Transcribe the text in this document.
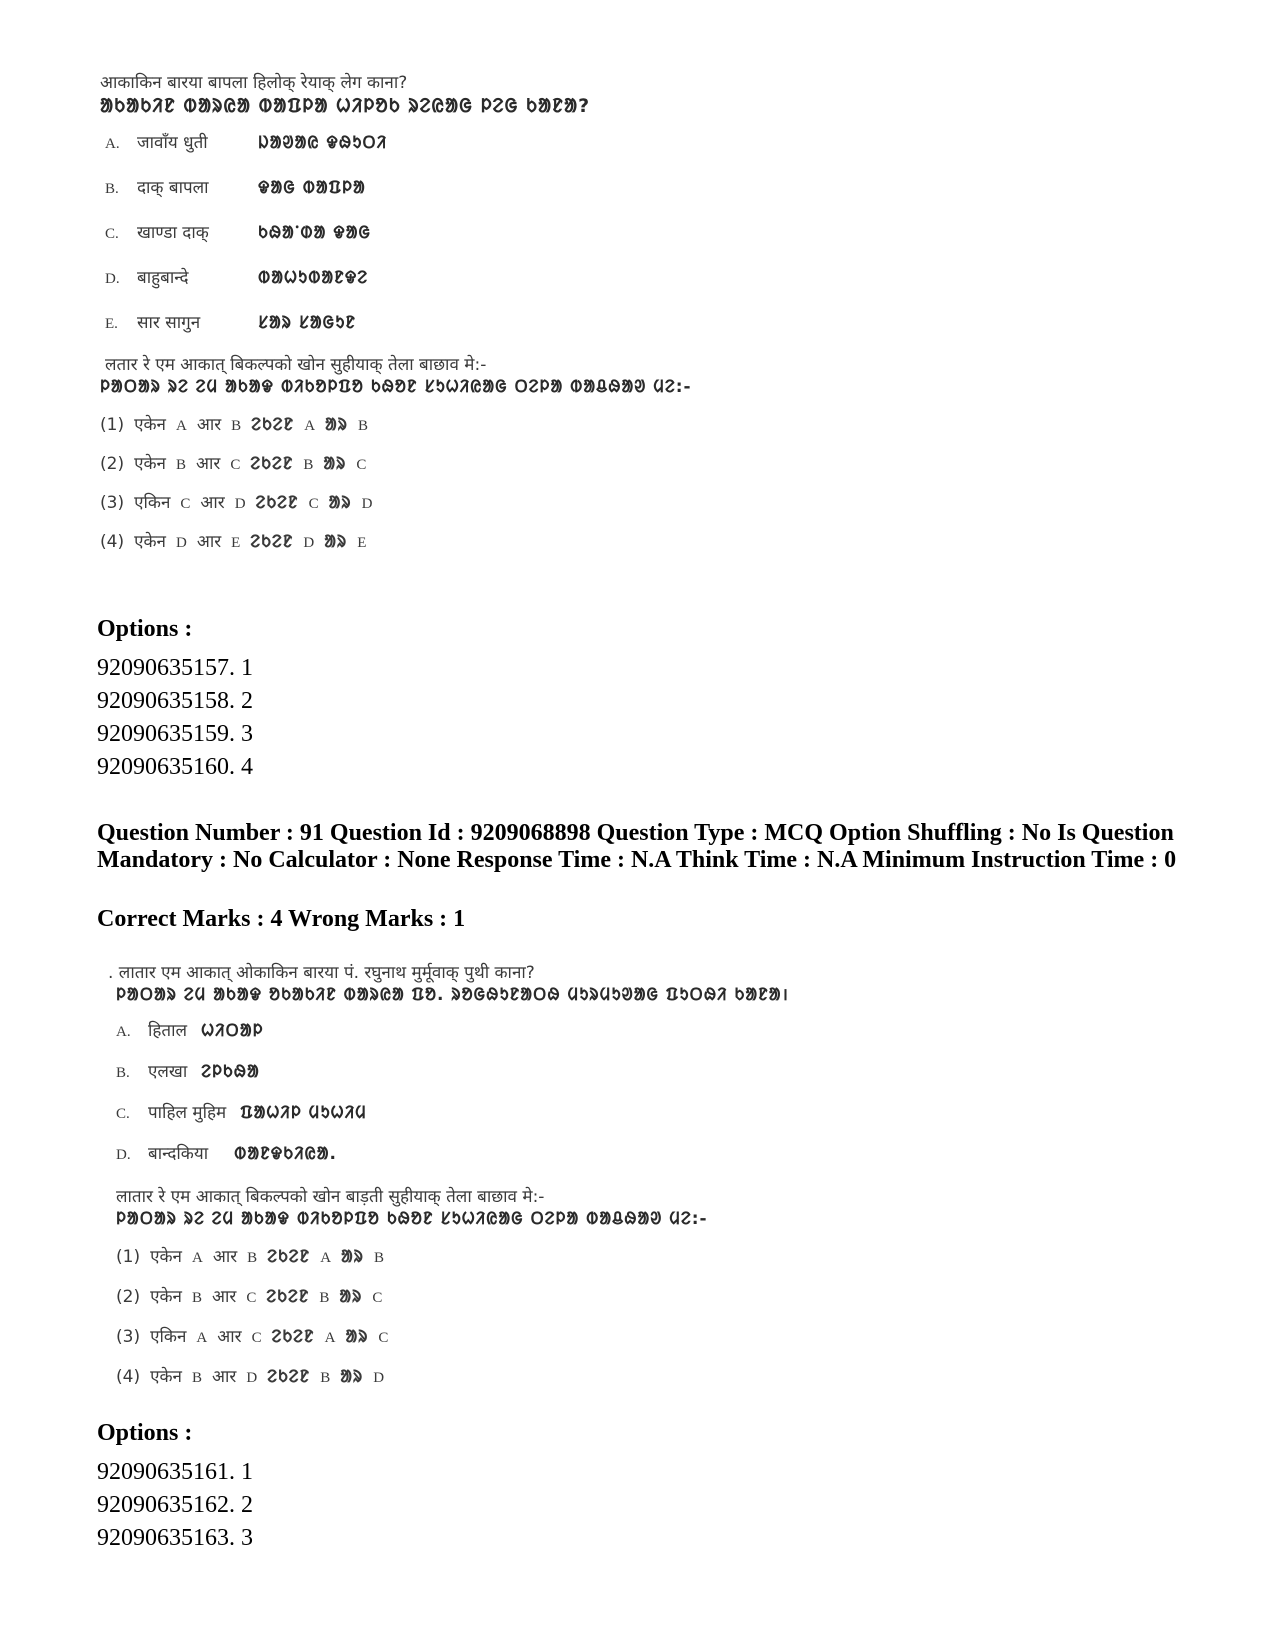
आकाकिन बारया बापला हिलोक् रेयाक् लेग काना?
ᱟᱠᱟᱠᱤᱱ ᱵᱟᱨᱭᱟ ᱵᱟᱯᱞᱟ ᱦᱤᱞᱚᱠ ᱨᱮᱭᱟᱜ ᱞᱮᱜ ᱠᱟᱱᱟ?
A. जावाँय धुती	ᱡᱟᱣᱟᱭ ᱫᱷᱩᱛᱤ
B. दाक् बापला	ᱫᱟᱜ ᱵᱟᱯᱞᱟ
C. खाण्डा दाक्	ᱠᱷᱟᱸᱰᱟ ᱫᱟᱜ
D. बाहुबान्दे	ᱵᱟᱦᱩᱵᱟᱱᱫᱮ
E. सार सागुन	ᱥᱟᱨ ᱥᱟᱜᱩᱱ
लतार रे एम आकात् बिकल्पको खोन सुहीयाक् तेला बाछाव मे:-
ᱞᱟᱛᱟᱨ ᱨᱮ ᱮᱢ ᱟᱠᱟᱫ ᱵᱤᱠᱚᱞᱯᱚ ᱠᱷᱚᱱ ᱥᱩᱦᱤᱭᱟᱜ ᱛᱮᱞᱟ ᱵᱟᱪᱷᱟᱣ ᱢᱮ:-
(1) एकेन A आर B ᱮᱠᱮᱱ A ᱟᱨ B
(2) एकेन B आर C ᱮᱠᱮᱱ B ᱟᱨ C
(3) एकिन C आर D ᱮᱠᱮᱱ C ᱟᱨ D
(4) एकेन D आर E ᱮᱠᱮᱱ D ᱟᱨ E
Options :
92090635157. 1
92090635158. 2
92090635159. 3
92090635160. 4
Question Number : 91 Question Id : 9209068898 Question Type : MCQ Option Shuffling : No Is Question Mandatory : No Calculator : None Response Time : N.A Think Time : N.A Minimum Instruction Time : 0
Correct Marks : 4 Wrong Marks : 1
. लातार एम आकात् ओकाकिन बारया पं. रघुनाथ मुर्मूवाक् पुथी काना?
ᱞᱟᱛᱟᱨ ᱮᱢ ᱟᱠᱟᱫ ᱚᱠᱟᱠᱤᱱ ᱵᱟᱨᱭᱟ ᱯᱚ. ᱨᱚᱜᱷᱩᱱᱟᱛᱷ ᱢᱩᱨᱢᱩᱣᱟᱜ ᱯᱩᱛᱷᱤ ᱠᱟᱱᱟ।
A. हिताल ᱦᱤᱛᱟᱞ
B. एलखा ᱮᱞᱠᱷᱟ
C. पाहिल मुहिम ᱯᱟᱦᱤᱞ ᱢᱩᱦᱤᱢ
D. बान्दकिया ᱵᱟᱱᱫᱠᱤᱭᱟ.
लातार रे एम आकात् बिकल्पको खोन बाड़ती सुहीयाक् तेला बाछाव मे:-
ᱞᱟᱛᱟᱨ ᱨᱮ ᱮᱢ ᱟᱠᱟᱫ ᱵᱤᱠᱚᱞᱯᱚ ᱠᱷᱚᱱ ᱥᱩᱦᱤᱭᱟᱜ ᱛᱮᱞᱟ ᱵᱟᱪᱷᱟᱣ ᱢᱮ:-
(1) एकेन A आर B ᱮᱠᱮᱱ A ᱟᱨ B
(2) एकेन B आर C ᱮᱠᱮᱱ B ᱟᱨ C
(3) एकिन A आर C ᱮᱠᱮᱱ A ᱟᱨ C
(4) एकेन B आर D ᱮᱠᱮᱱ B ᱟᱨ D
Options :
92090635161. 1
92090635162. 2
92090635163. 3
